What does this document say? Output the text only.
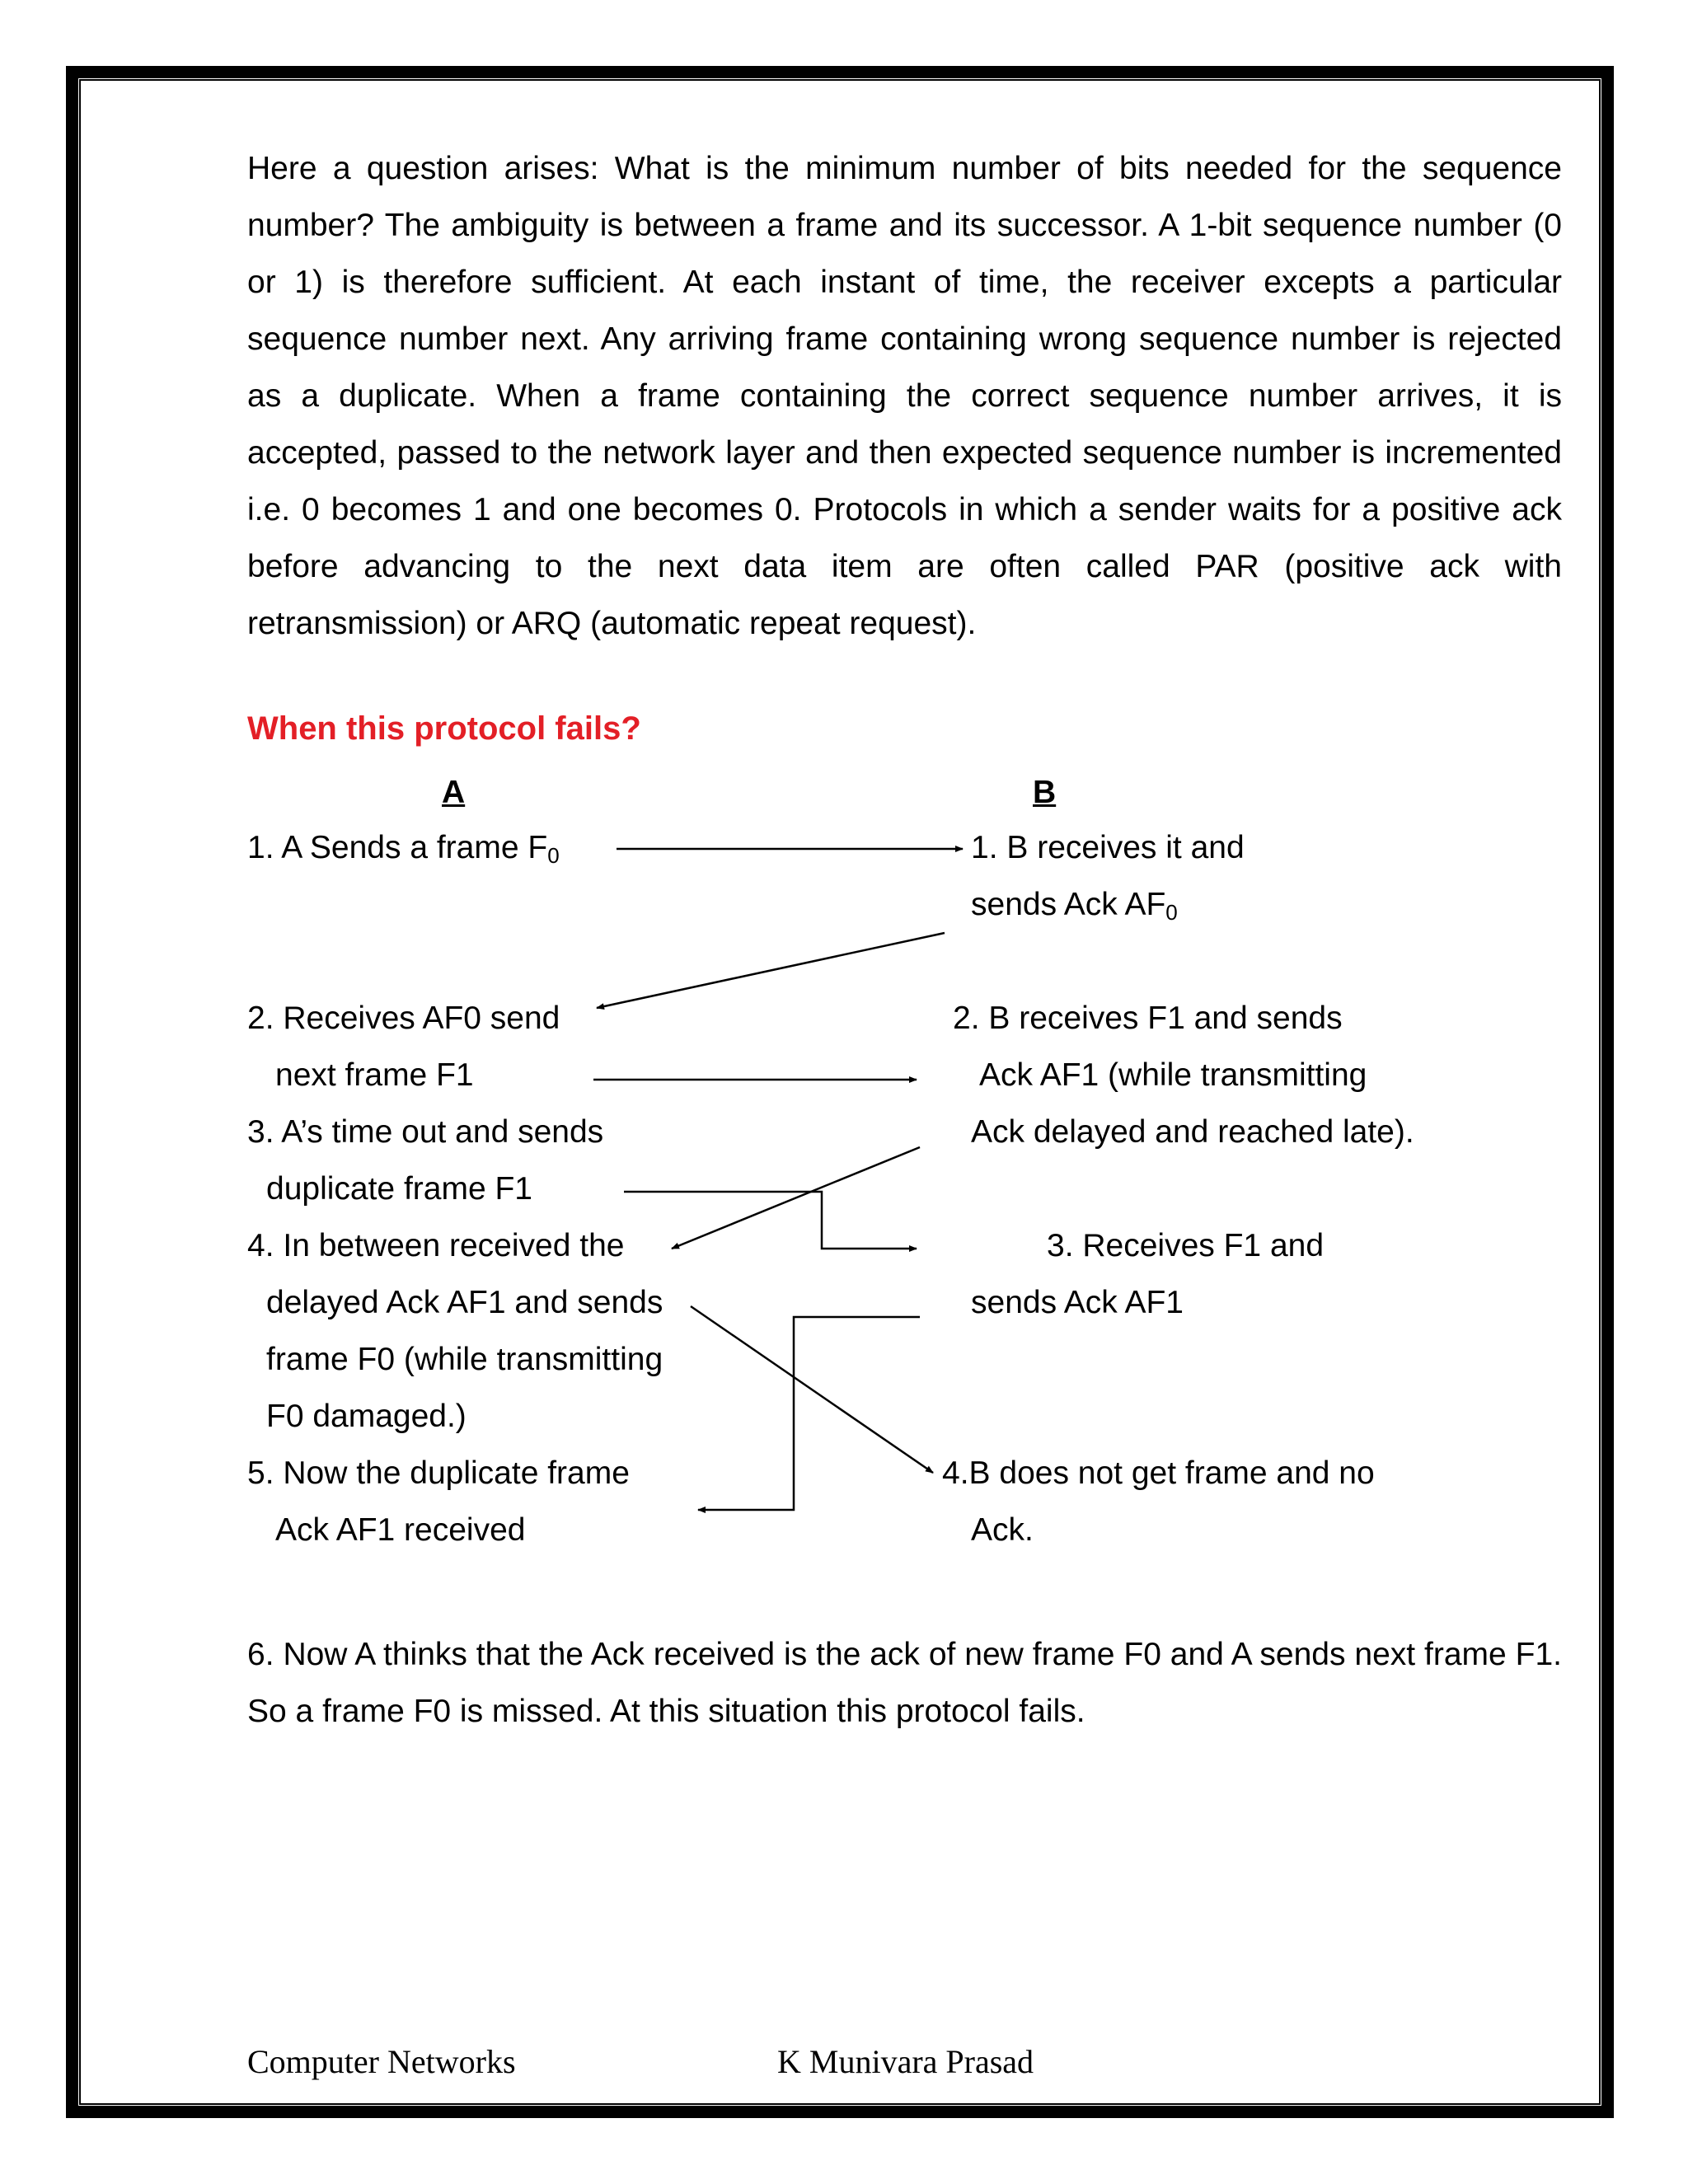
Here a question arises: What is the minimum number of bits needed for the sequence number? The ambiguity is between a frame and its successor. A 1-bit sequence number (0 or 1) is therefore sufficient. At each instant of time, the receiver excepts a particular sequence number next. Any arriving frame containing wrong sequence number is rejected as a duplicate. When a frame containing the correct sequence number arrives, it is accepted, passed to the network layer and then expected sequence number is incremented i.e. 0 becomes 1 and one becomes 0. Protocols in which a sender waits for a positive ack before advancing to the next data item are often called PAR (positive ack with retransmission) or ARQ (automatic repeat request).

When this protocol fails?
A	B
1. A Sends a frame $F_0$	1. B receives it and
sends Ack $AF_0$
2. Receives AF0 send
next frame F1
2. B receives F1 and sends
Ack AF1 (while transmitting
Ack delayed and reached late).
3. A’s time out and sends
duplicate frame F1
3. Receives F1 and
sends Ack AF1
4. In between received the
delayed Ack AF1 and sends
frame F0 (while transmitting
F0 damaged.)
5. Now the duplicate frame
Ack AF1 received
4.B does not get frame and no
Ack.

6. Now A thinks that the Ack received is the ack of new frame F0 and A sends next frame F1. So a frame F0 is missed. At this situation this protocol fails.

Computer Networks	K Munivara Prasad
